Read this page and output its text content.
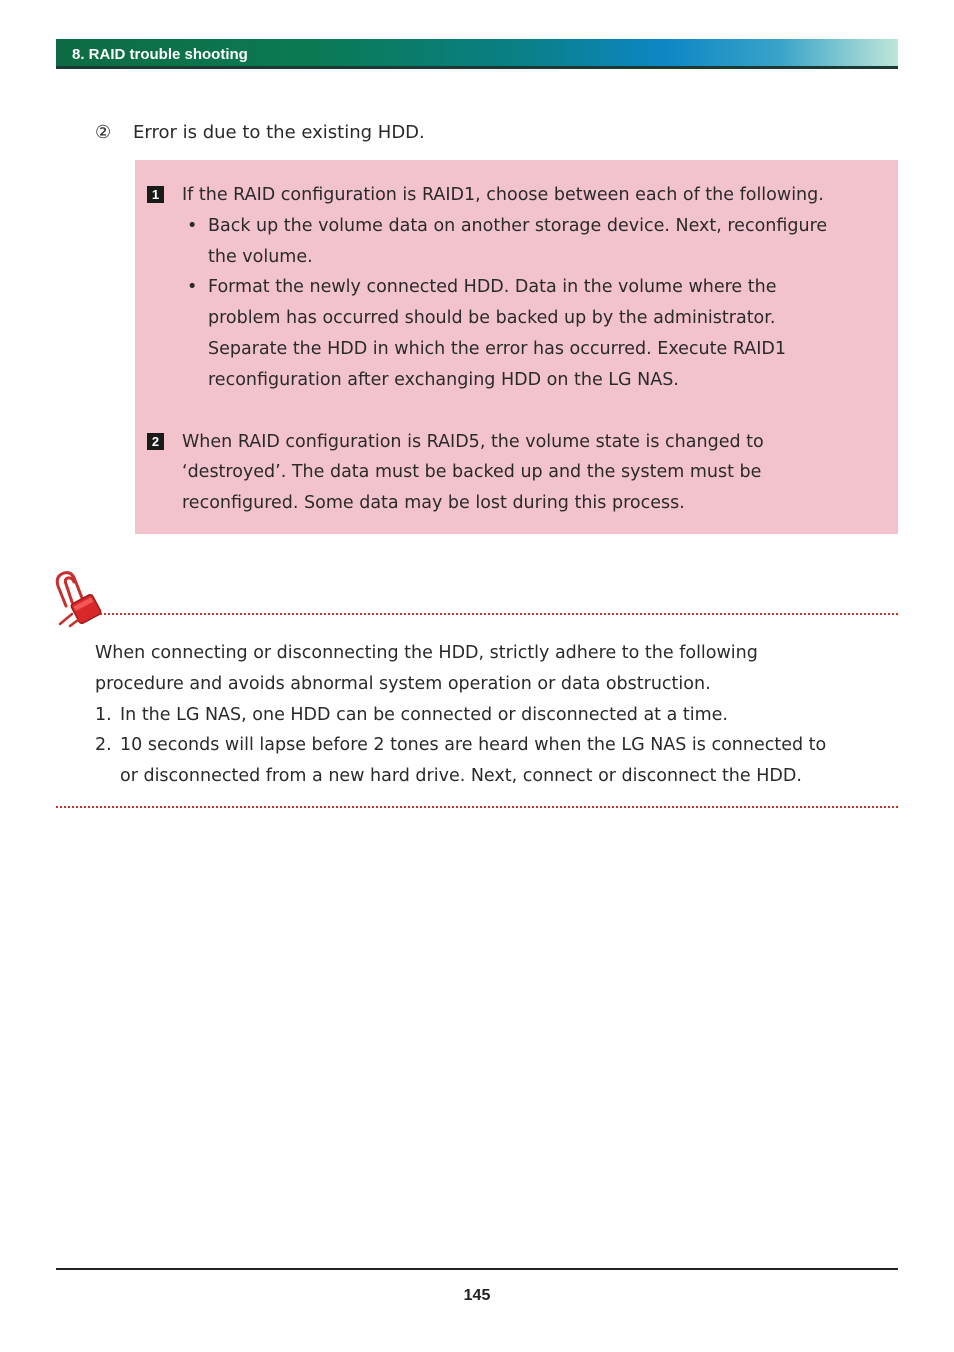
8. RAID trouble shooting
② Error is due to the existing HDD.
1 If the RAID configuration is RAID1, choose between each of the following.
• Back up the volume data on another storage device. Next, reconfigure
the volume.
• Format the newly connected HDD. Data in the volume where the
problem has occurred should be backed up by the administrator.
Separate the HDD in which the error has occurred. Execute RAID1
reconfiguration after exchanging HDD on the LG NAS.
2 When RAID configuration is RAID5, the volume state is changed to
‘destroyed’. The data must be backed up and the system must be
reconfigured. Some data may be lost during this process.
When connecting or disconnecting the HDD, strictly adhere to the following
procedure and avoids abnormal system operation or data obstruction.
1. In the LG NAS, one HDD can be connected or disconnected at a time.
2. 10 seconds will lapse before 2 tones are heard when the LG NAS is connected to
or disconnected from a new hard drive. Next, connect or disconnect the HDD.
145
